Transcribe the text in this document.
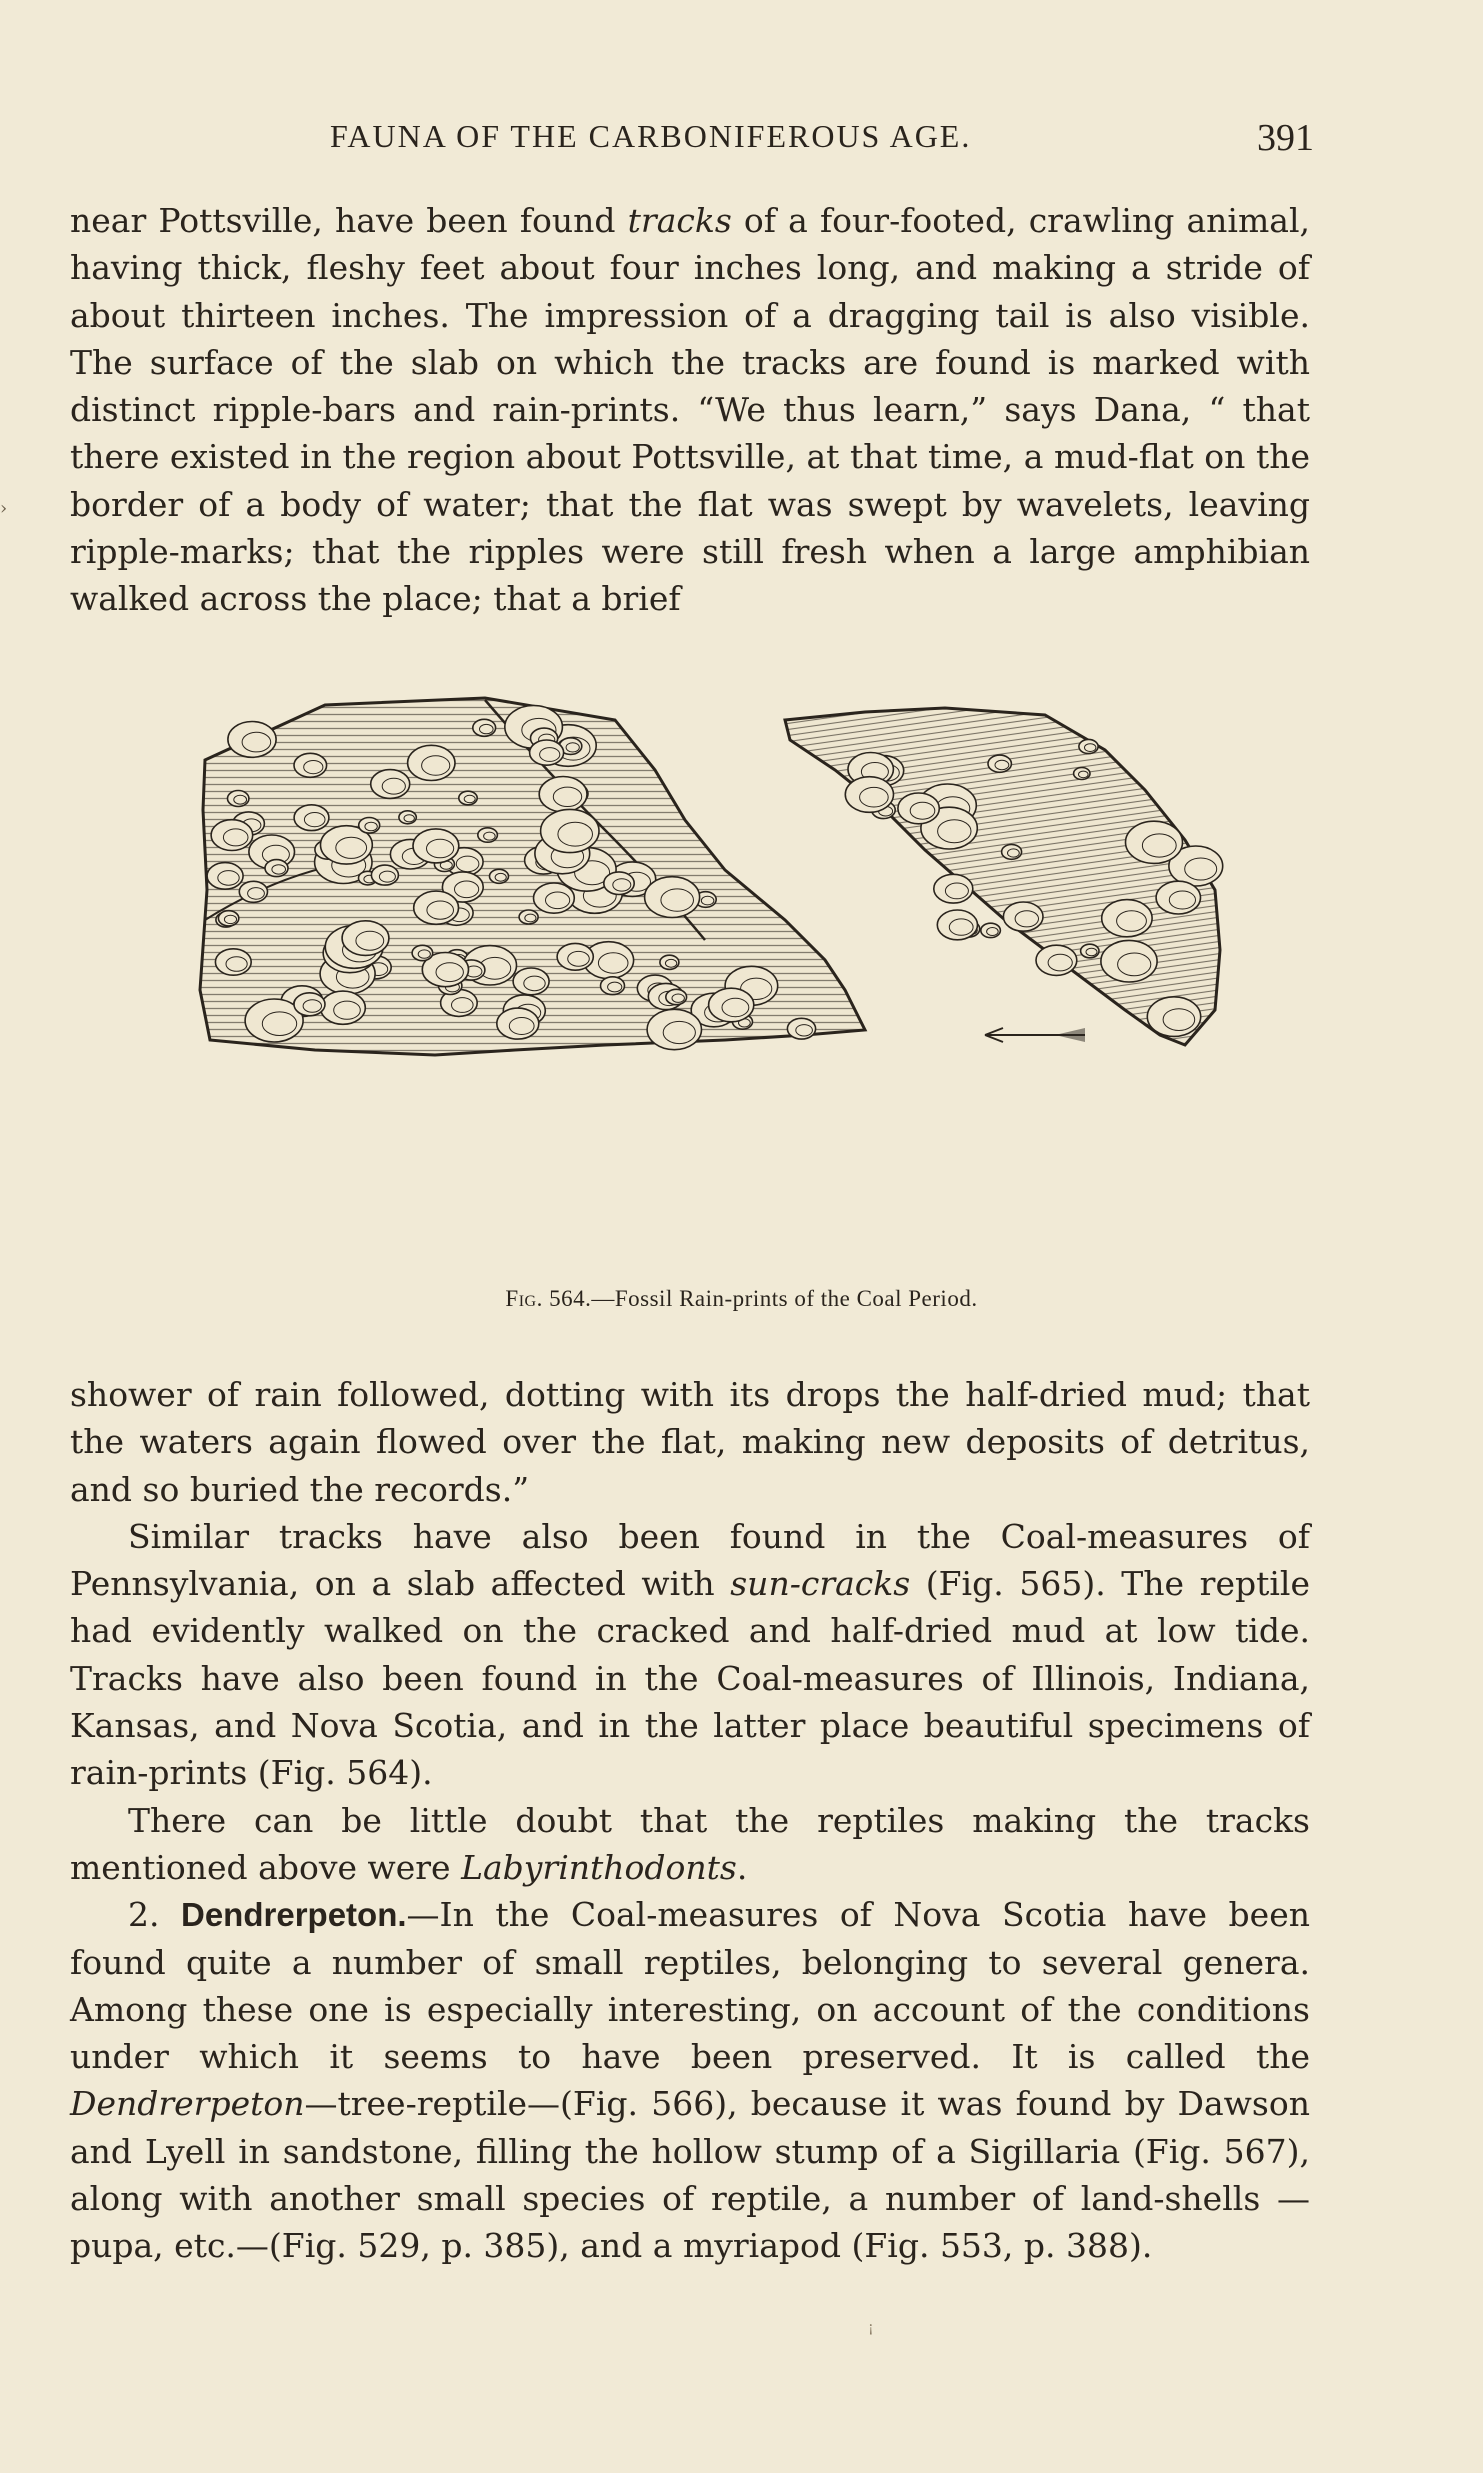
FAUNA OF THE CARBONIFEROUS AGE.	391
›

near Pottsville, have been found tracks of a four-footed, crawling animal, having thick, fleshy feet about four inches long, and making a stride of about thirteen inches. The impression of a dragging tail is also visible. The surface of the slab on which the tracks are found is marked with distinct ripple-bars and rain-prints. “We thus learn,” says Dana, “ that there existed in the region about Pottsville, at that time, a mud-flat on the border of a body of water; that the flat was swept by wavelets, leaving ripple-marks; that the ripples were still fresh when a large amphibian walked across the place; that a brief

Fig. 564.—Fossil Rain-prints of the Coal Period.

shower of rain followed, dotting with its drops the half-dried mud; that the waters again flowed over the flat, making new deposits of detritus, and so buried the records.”

Similar tracks have also been found in the Coal-measures of Pennsylvania, on a slab affected with sun-cracks (Fig. 565). The reptile had evidently walked on the cracked and half-dried mud at low tide. Tracks have also been found in the Coal-measures of Illinois, Indiana, Kansas, and Nova Scotia, and in the latter place beautiful specimens of rain-prints (Fig. 564).

There can be little doubt that the reptiles making the tracks mentioned above were Labyrinthodonts.

2. Dendrerpeton.—In the Coal-measures of Nova Scotia have been found quite a number of small reptiles, belonging to several genera. Among these one is especially interesting, on account of the conditions under which it seems to have been preserved. It is called the Dendrerpeton—tree-reptile—(Fig. 566), because it was found by Dawson and Lyell in sandstone, filling the hollow stump of a Sigillaria (Fig. 567), along with another small species of reptile, a number of land-shells —pupa, etc.—(Fig. 529, p. 385), and a myriapod (Fig. 553, p. 388).

¡
